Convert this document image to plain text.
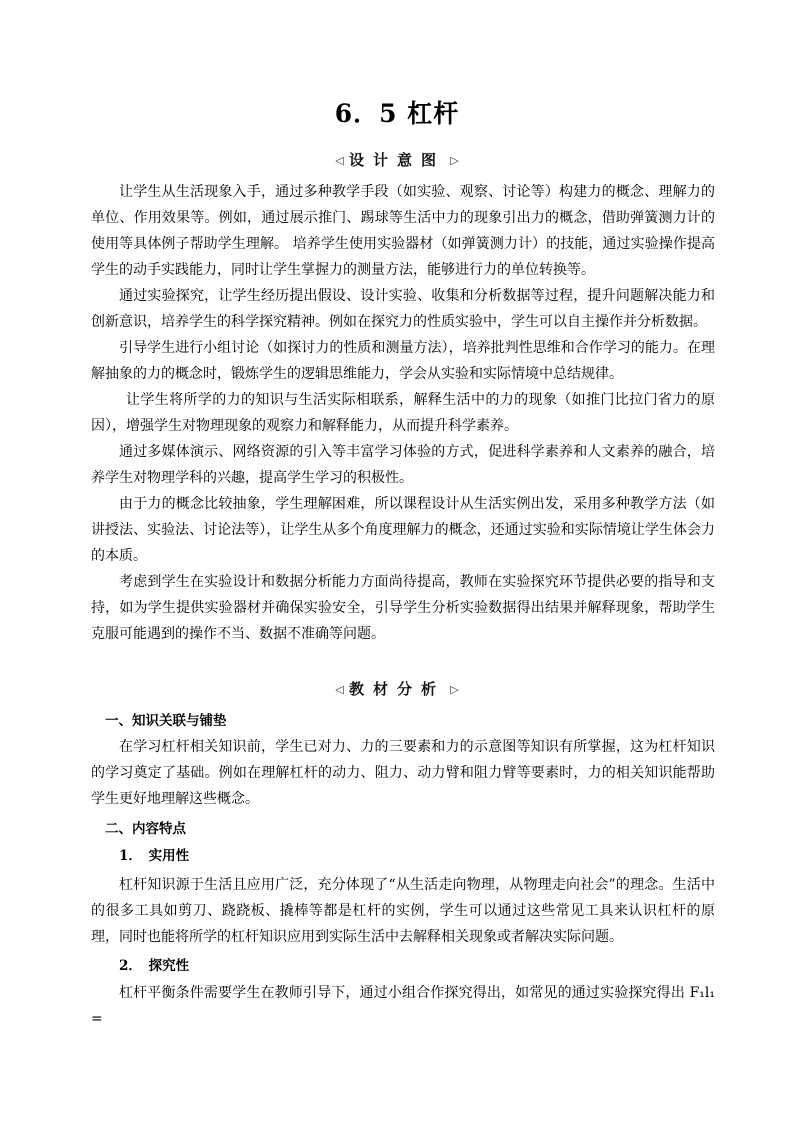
6．5 杠杆
◁ 设计意图 ▷

让学生从生活现象入手，通过多种教学手段（如实验、观察、讨论等）构建力的概念、理解力的单位、作用效果等。例如，通过展示推门、踢球等生活中力的现象引出力的概念，借助弹簧测力计的使用等具体例子帮助学生理解。 培养学生使用实验器材（如弹簧测力计）的技能，通过实验操作提高学生的动手实践能力，同时让学生掌握力的测量方法，能够进行力的单位转换等。

通过实验探究，让学生经历提出假设、设计实验、收集和分析数据等过程，提升问题解决能力和创新意识，培养学生的科学探究精神。例如在探究力的性质实验中，学生可以自主操作并分析数据。

引导学生进行小组讨论（如探讨力的性质和测量方法），培养批判性思维和合作学习的能力。在理解抽象的力的概念时，锻炼学生的逻辑思维能力，学会从实验和实际情境中总结规律。

让学生将所学的力的知识与生活实际相联系，解释生活中的力的现象（如推门比拉门省力的原因），增强学生对物理现象的观察力和解释能力，从而提升科学素养。

通过多媒体演示、网络资源的引入等丰富学习体验的方式，促进科学素养和人文素养的融合，培养学生对物理学科的兴趣，提高学生学习的积极性。

由于力的概念比较抽象，学生理解困难，所以课程设计从生活实例出发，采用多种教学方法（如讲授法、实验法、讨论法等），让学生从多个角度理解力的概念，还通过实验和实际情境让学生体会力的本质。

考虑到学生在实验设计和数据分析能力方面尚待提高，教师在实验探究环节提供必要的指导和支持，如为学生提供实验器材并确保实验安全，引导学生分析实验数据得出结果并解释现象，帮助学生克服可能遇到的操作不当、数据不准确等问题。

◁ 教材分析 ▷
一、知识关联与铺垫

在学习杠杆相关知识前，学生已对力、力的三要素和力的示意图等知识有所掌握，这为杠杆知识的学习奠定了基础。例如在理解杠杆的动力、阻力、动力臂和阻力臂等要素时，力的相关知识能帮助学生更好地理解这些概念。

二、内容特点
1．　实用性

杠杆知识源于生活且应用广泛，充分体现了“从生活走向物理，从物理走向社会”的理念。生活中的很多工具如剪刀、跷跷板、撬棒等都是杠杆的实例，学生可以通过这些常见工具来认识杠杆的原理，同时也能将所学的杠杆知识应用到实际生活中去解释相关现象或者解决实际问题。

2．　探究性

杠杆平衡条件需要学生在教师引导下，通过小组合作探究得出，如常见的通过实验探究得出 F₁l₁ =
